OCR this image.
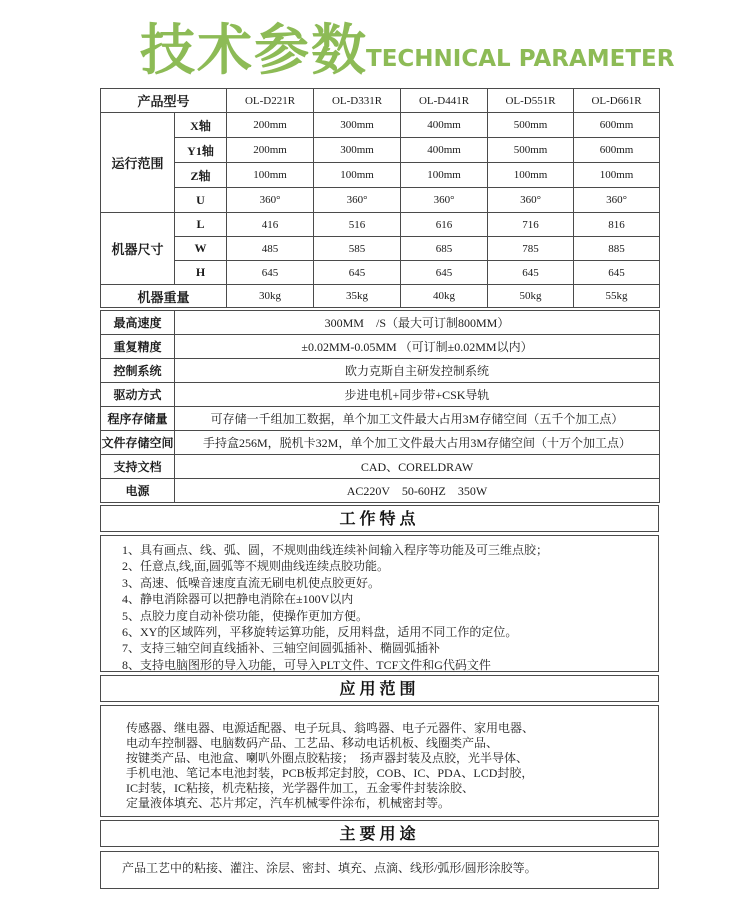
技术参数
TECHNICAL PARAMETER
产品型号		OL-D221R	OL-D331R	OL-D441R	OL-D551R	OL-D661R
运行范围	X轴	200mm	300mm	400mm	500mm	600mm
	Y1轴	200mm	300mm	400mm	500mm	600mm
	Z轴	100mm	100mm	100mm	100mm	100mm
	U	360°	360°	360°	360°	360°
机器尺寸	L	416	516	616	716	816
	W	485	585	685	785	885
	H	645	645	645	645	645
机器重量		30kg	35kg	40kg	50kg	55kg
最高速度	300MM　/S（最大可订制800MM）
重复精度	±0.02MM-0.05MM （可订制±0.02MM以内）
控制系统	欧力克斯自主研发控制系统
驱动方式	步进电机+同步带+CSK导轨
程序存储量	可存储一千组加工数据，单个加工文件最大占用3M存储空间（五千个加工点）
文件存储空间	手持盒256M，脱机卡32M，单个加工文件最大占用3M存储空间（十万个加工点）
支持文档	CAD、CORELDRAW
电源	AC220V　50-60HZ　350W
工作特点
1、具有画点、线、弧、圆，不规则曲线连续补间输入程序等功能及可三维点胶；
2、任意点,线,面,圆弧等不规则曲线连续点胶功能。
3、高速、低噪音速度直流无刷电机使点胶更好。
4、静电消除器可以把静电消除在±100V以内
5、点胶力度自动补偿功能，使操作更加方便。
6、XY的区域阵列，平移旋转运算功能，反用料盘，适用不同工作的定位。
7、支持三轴空间直线插补、三轴空间圆弧插补、椭圆弧插补
8、支持电脑图形的导入功能，可导入PLT文件、TCF文件和G代码文件
应用范围
传感器、继电器、电源适配器、电子玩具、翁鸣器、电子元器件、家用电器、
电动车控制器、电脑数码产品、工艺品、移动电话机板、线圈类产品、
按键类产品、电池盒、喇叭外圈点胶粘接；　扬声器封装及点胶，光半导体、
手机电池、笔记本电池封装，PCB板邦定封胶，COB、IC、PDA、LCD封胶，
IC封装，IC粘接，机壳粘接，光学器件加工，五金零件封装涂胶、
定量液体填充、芯片邦定，汽车机械零件涂布，机械密封等。
主要用途
产品工艺中的粘接、灌注、涂层、密封、填充、点滴、线形/弧形/圆形涂胶等。
